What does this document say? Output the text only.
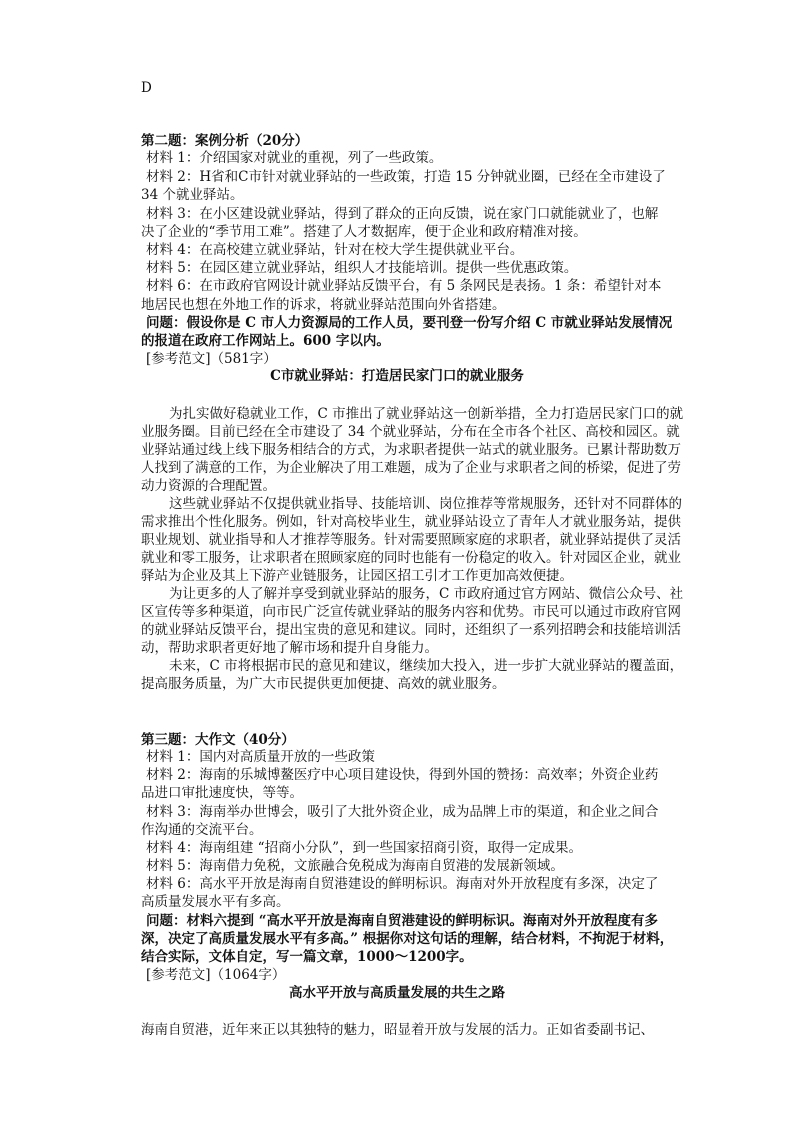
D
第二题：案例分析（20分）
材料 1：介绍国家对就业的重视，列了一些政策。
材料 2：H省和C市针对就业驿站的一些政策，打造 15 分钟就业圈，已经在全市建设了
34 个就业驿站。
材料 3：在小区建设就业驿站，得到了群众的正向反馈，说在家门口就能就业了，也解
决了企业的“季节用工难”。搭建了人才数据库，便于企业和政府精准对接。
材料 4：在高校建立就业驿站，针对在校大学生提供就业平台。
材料 5：在园区建立就业驿站，组织人才技能培训。提供一些优惠政策。
材料 6：在市政府官网设计就业驿站反馈平台，有 5 条网民是表扬。1 条：希望针对本
地居民也想在外地工作的诉求，将就业驿站范围向外省搭建。
问题：假设你是 C 市人力资源局的工作人员，要刊登一份写介绍 C 市就业驿站发展情况
的报道在政府工作网站上。600 字以内。
[参考范文]（581字）
C市就业驿站：打造居民家门口的就业服务
为扎实做好稳就业工作，C 市推出了就业驿站这一创新举措，全力打造居民家门口的就
业服务圈。目前已经在全市建设了 34 个就业驿站，分布在全市各个社区、高校和园区。就
业驿站通过线上线下服务相结合的方式，为求职者提供一站式的就业服务。已累计帮助数万
人找到了满意的工作，为企业解决了用工难题，成为了企业与求职者之间的桥梁，促进了劳
动力资源的合理配置。
这些就业驿站不仅提供就业指导、技能培训、岗位推荐等常规服务，还针对不同群体的
需求推出个性化服务。例如，针对高校毕业生，就业驿站设立了青年人才就业服务站，提供
职业规划、就业指导和人才推荐等服务。针对需要照顾家庭的求职者，就业驿站提供了灵活
就业和零工服务，让求职者在照顾家庭的同时也能有一份稳定的收入。针对园区企业，就业
驿站为企业及其上下游产业链服务，让园区招工引才工作更加高效便捷。
为让更多的人了解并享受到就业驿站的服务，C 市政府通过官方网站、微信公众号、社
区宣传等多种渠道，向市民广泛宣传就业驿站的服务内容和优势。市民可以通过市政府官网
的就业驿站反馈平台，提出宝贵的意见和建议。同时，还组织了一系列招聘会和技能培训活
动，帮助求职者更好地了解市场和提升自身能力。
未来，C 市将根据市民的意见和建议，继续加大投入，进一步扩大就业驿站的覆盖面，
提高服务质量，为广大市民提供更加便捷、高效的就业服务。
第三题：大作文（40分）
材料 1：国内对高质量开放的一些政策
材料 2：海南的乐城博鳌医疗中心项目建设快，得到外国的赞扬：高效率；外资企业药
品进口审批速度快，等等。
材料 3：海南举办世博会，吸引了大批外资企业，成为品牌上市的渠道，和企业之间合
作沟通的交流平台。
材料 4：海南组建 “招商小分队”，到一些国家招商引资，取得一定成果。
材料 5：海南借力免税，文旅融合免税成为海南自贸港的发展新领域。
材料 6：高水平开放是海南自贸港建设的鲜明标识。海南对外开放程度有多深，决定了
高质量发展水平有多高。
问题：材料六提到 “高水平开放是海南自贸港建设的鲜明标识。海南对外开放程度有多
深，决定了高质量发展水平有多高。” 根据你对这句话的理解，结合材料，不拘泥于材料，
结合实际，文体自定，写一篇文章，1000～1200字。
[参考范文]（1064字）
高水平开放与高质量发展的共生之路
海南自贸港，近年来正以其独特的魅力，昭显着开放与发展的活力。正如省委副书记、
